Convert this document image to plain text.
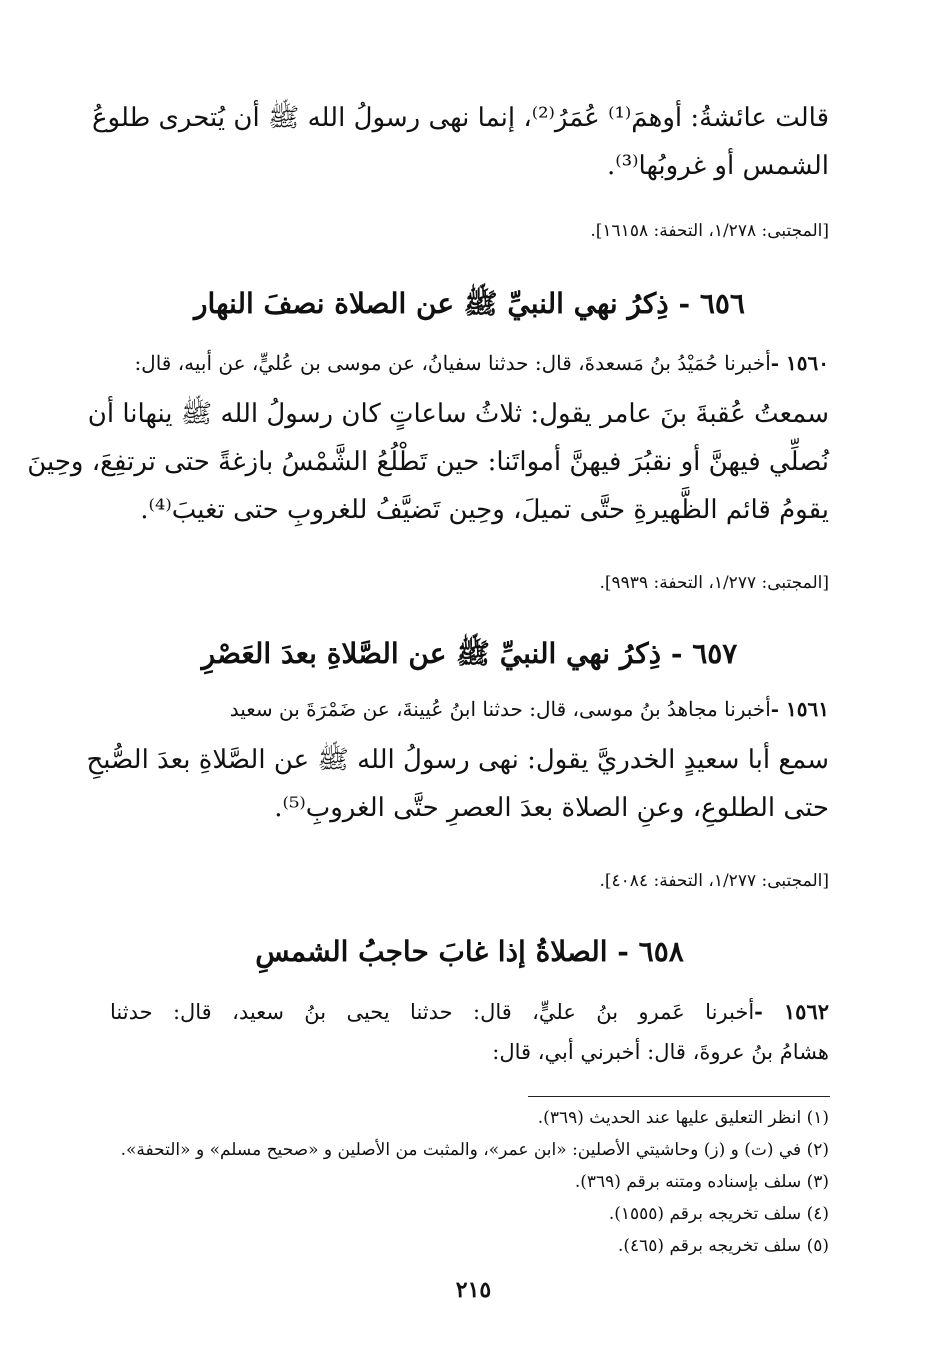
قالت عائشةُ: أوهمَ⁽¹⁾ عُمَرُ⁽²⁾، إنما نهى رسولُ الله ﷺ أن يُتحرى طلوعُ
الشمس أو غروبُها⁽³⁾.
[المجتبى: ١/٢٧٨، التحفة: ١٦١٥٨].
٦٥٦ - ذِكرُ نهي النبيِّ ﷺ عن الصلاة نصفَ النهار
١٥٦٠ -أخبرنا حُمَيْدُ بنُ مَسعدةَ، قال: حدثنا سفيانُ، عن موسى بن عُليٍّ، عن أبيه، قال:
سمعتُ عُقبةَ بنَ عامر يقول: ثلاثُ ساعاتٍ كان رسولُ الله ﷺ ينهانا أن
نُصلِّي فيهنَّ أو نقبُرَ فيهنَّ أمواتَنا: حين تَطْلُعُ الشَّمْسُ بازغةً حتى ترتفِعَ، وحِينَ
يقومُ قائم الظَّهيرةِ حتَّى تميلَ، وحِين تَضيَّفُ للغروبِ حتى تغيبَ⁽⁴⁾.
[المجتبى: ١/٢٧٧، التحفة: ٩٩٣٩].
٦٥٧ - ذِكرُ نهي النبيِّ ﷺ عن الصَّلاةِ بعدَ العَصْرِ
١٥٦١ -أخبرنا مجاهدُ بنُ موسى، قال: حدثنا ابنُ عُيينةَ، عن ضَمْرَةَ بن سعيد
سمع أبا سعيدٍ الخدريَّ يقول: نهى رسولُ الله ﷺ عن الصَّلاةِ بعدَ الصُّبحِ
حتى الطلوعِ، وعنِ الصلاة بعدَ العصرِ حتَّى الغروبِ⁽⁵⁾.
[المجتبى: ١/٢٧٧، التحفة: ٤٠٨٤].
٦٥٨ - الصلاةُ إذا غابَ حاجبُ الشمسِ
١٥٦٢ -أخبرنا عَمرو بنُ عليٍّ، قال: حدثنا يحيى بنُ سعيد، قال: حدثنا
هشامُ بنُ عروةَ، قال: أخبرني أبي، قال:
(١) انظر التعليق عليها عند الحديث (٣٦٩).
(٢) في (ت) و (ز) وحاشيتي الأصلين: «ابن عمر»، والمثبت من الأصلين و «صحيح مسلم» و «التحفة».
(٣) سلف بإسناده ومتنه برقم (٣٦٩).
(٤) سلف تخريجه برقم (١٥٥٥).
(٥) سلف تخريجه برقم (٤٦٥).
٢١٥
